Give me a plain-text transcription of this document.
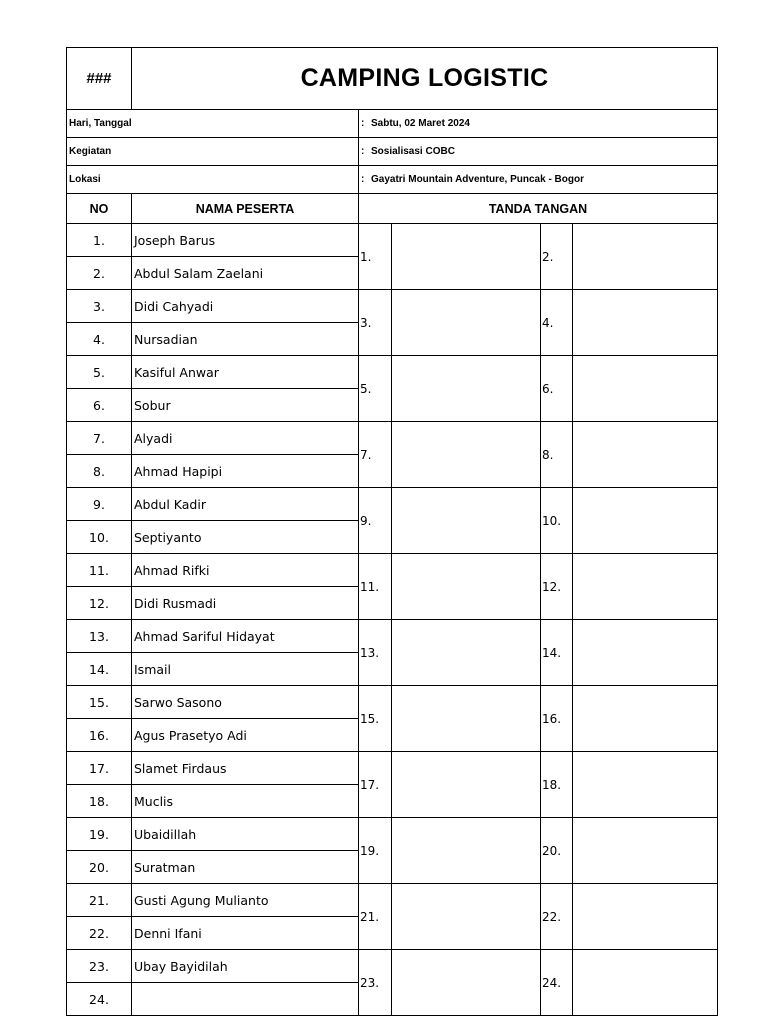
###	CAMPING LOGISTIC				
Hari, Tanggal		: Sabtu, 02 Maret 2024			
Kegiatan		: Sosialisasi COBC			
Lokasi		: Gayatri Mountain Adventure, Puncak - Bogor			
NO	NAMA PESERTA	TANDA TANGAN			
1.	Joseph Barus	1.		2.	
2.	Abdul Salam Zaelani				
3.	Didi Cahyadi	3.		4.	
4.	Nursadian				
5.	Kasiful Anwar	5.		6.	
6.	Sobur				
7.	Alyadi	7.		8.	
8.	Ahmad Hapipi				
9.	Abdul Kadir	9.		10.	
10.	Septiyanto				
11.	Ahmad Rifki	11.		12.	
12.	Didi Rusmadi				
13.	Ahmad Sariful Hidayat	13.		14.	
14.	Ismail				
15.	Sarwo Sasono	15.		16.	
16.	Agus Prasetyo Adi				
17.	Slamet Firdaus	17.		18.	
18.	Muclis				
19.	Ubaidillah	19.		20.	
20.	Suratman				
21.	Gusti Agung Mulianto	21.		22.	
22.	Denni Ifani				
23.	Ubay Bayidilah	23.		24.	
24.					
